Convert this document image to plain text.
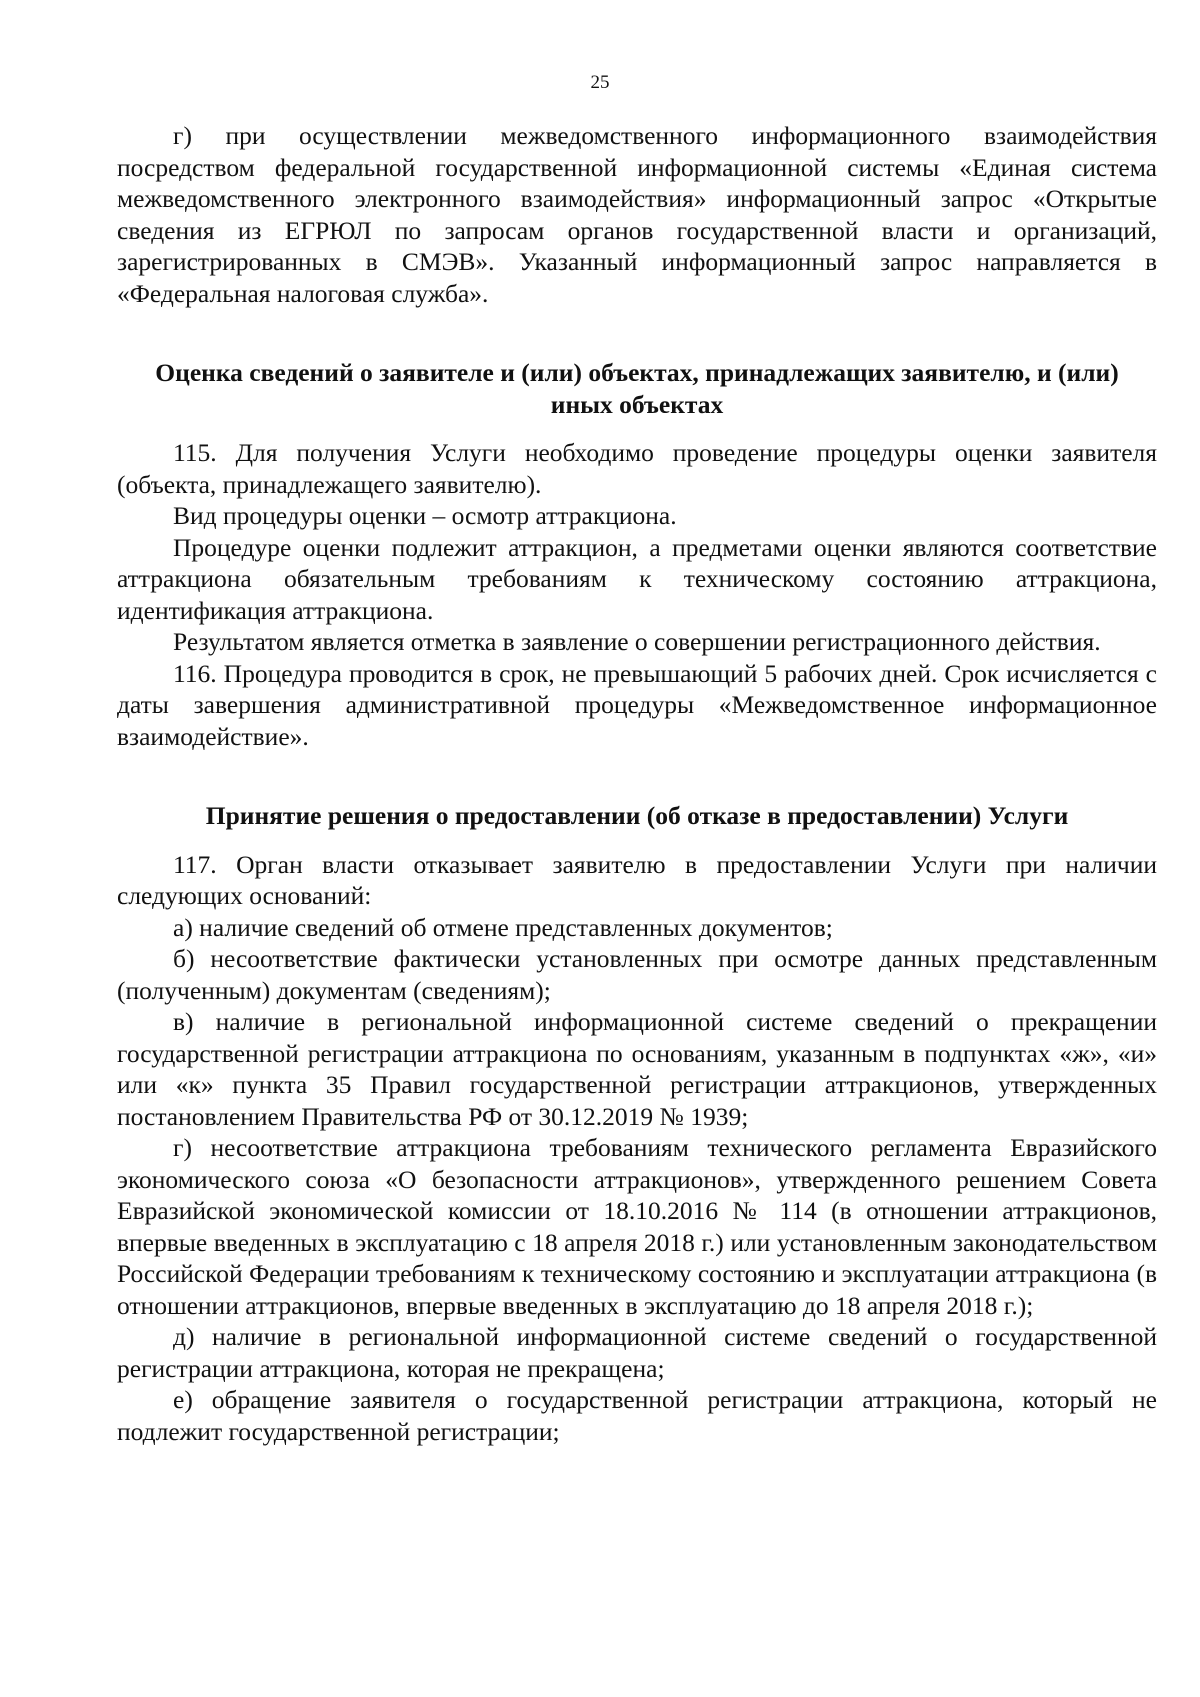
25

г) при осуществлении межведомственного информационного взаимодействия посредством федеральной государственной информационной системы «Единая система межведомственного электронного взаимодействия» информационный запрос «Открытые сведения из ЕГРЮЛ по запросам органов государственной власти и организаций, зарегистрированных в СМЭВ». Указанный информационный запрос направляется в «Федеральная налоговая служба».

Оценка сведений о заявителе и (или) объектах, принадлежащих заявителю, и (или) иных объектах

115. Для получения Услуги необходимо проведение процедуры оценки заявителя (объекта, принадлежащего заявителю).

Вид процедуры оценки – осмотр аттракциона.

Процедуре оценки подлежит аттракцион, а предметами оценки являются соответствие аттракциона обязательным требованиям к техническому состоянию аттракциона, идентификация аттракциона.

Результатом является отметка в заявление о совершении регистрационного действия.

116. Процедура проводится в срок, не превышающий 5 рабочих дней. Срок исчисляется с даты завершения административной процедуры «Межведомственное информационное взаимодействие».

Принятие решения о предоставлении (об отказе в предоставлении) Услуги

117. Орган власти отказывает заявителю в предоставлении Услуги при наличии следующих оснований:

а) наличие сведений об отмене представленных документов;

б) несоответствие фактически установленных при осмотре данных представленным (полученным) документам (сведениям);

в) наличие в региональной информационной системе сведений о прекращении государственной регистрации аттракциона по основаниям, указанным в подпунктах «ж», «и» или «к» пункта 35 Правил государственной регистрации аттракционов, утвержденных постановлением Правительства РФ от 30.12.2019 № 1939;

г) несоответствие аттракциона требованиям технического регламента Евразийского экономического союза «О безопасности аттракционов», утвержденного решением Совета Евразийской экономической комиссии от 18.10.2016 № 114 (в отношении аттракционов, впервые введенных в эксплуатацию с 18 апреля 2018 г.) или установленным законодательством Российской Федерации требованиям к техническому состоянию и эксплуатации аттракциона (в отношении аттракционов, впервые введенных в эксплуатацию до 18 апреля 2018 г.);

д) наличие в региональной информационной системе сведений о государственной регистрации аттракциона, которая не прекращена;

е) обращение заявителя о государственной регистрации аттракциона, который не подлежит государственной регистрации;
